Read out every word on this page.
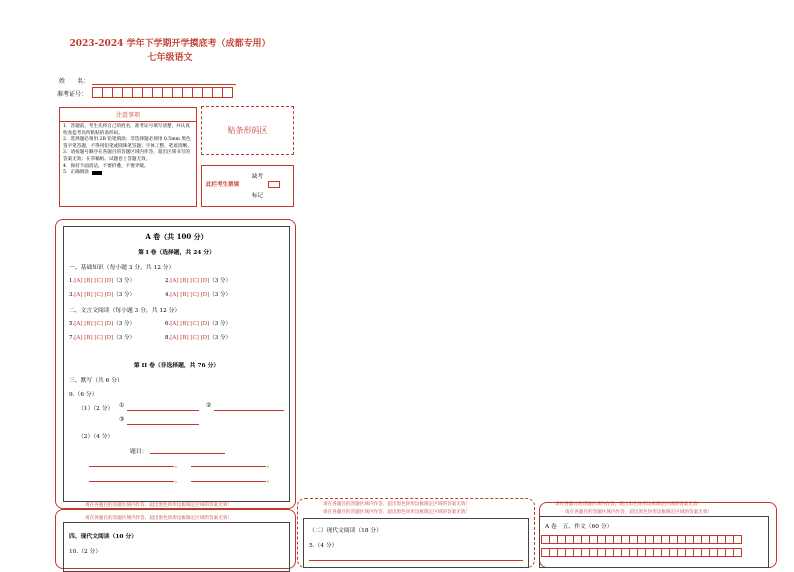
2023-2024 学年下学期开学摸底考（成都专用）
七年级语文
姓　　名：
准考证号：
注意事项
1．答题前，考生先将自己的姓名，准考证号填写清楚，并认真检查监考员所粘贴的条形码。
2．选择题必须用 2B 铅笔填涂；非选择题必须用 0.5mm 黑色签字笔答题，不得用铅笔或圆珠笔答题；字体工整、笔迹清晰。
3．请按题号顺序在各题目的答题区域内作答，超出区域书写的答案无效；在草稿纸、试题卷上答题无效。
4．保持卡面清洁，不要折叠、不要弄破。
5．正确填涂
贴条形码区
此栏考生禁填
缺考
标记
A 卷（共 100 分）
第 I 卷（选择题，共 24 分）
一、基础知识（每小题 3 分，共 12 分）
1.[A] [B] [C] [D]（3 分）	2.[A] [B] [C] [D]（3 分）
3.[A] [B] [C] [D]（3 分）	4.[A] [B] [C] [D]（3 分）
二、文言文阅读（每小题 3 分，共 12 分）
5.[A] [B] [C] [D]（3 分）	6.[A] [B] [C] [D]（3 分）
7.[A] [B] [C] [D]（3 分）	8.[A] [B] [C] [D]（3 分）
第 II 卷（非选择题，共 76 分）
三、默写（共 6 分）
9.（6 分）
（1）（2 分） ①	②
③
（2）（4 分）
题目：
，	。
，	。
请在各题目的答题区域内作答，超出黑色矩形边框限定区域的答案无效！
请在各题目的答题区域内作答，超出黑色矩形边框限定区域的答案无效！
四、现代文阅读（10 分）
10.（2 分）
请在各题目的答题区域内作答，超出黑色矩形边框限定区域的答案无效！
请在各题目的答题区域内作答，超出黑色矩形边框限定区域的答案无效！
（二）现代文阅读（18 分）
5.（4 分）
请在各题目的答题区域内作答，超出黑色矩形边框限定区域的答案无效！
请在各题目的答题区域内作答，超出黑色矩形边框限定区域的答案无效！
A 卷　五、作文（60 分）
